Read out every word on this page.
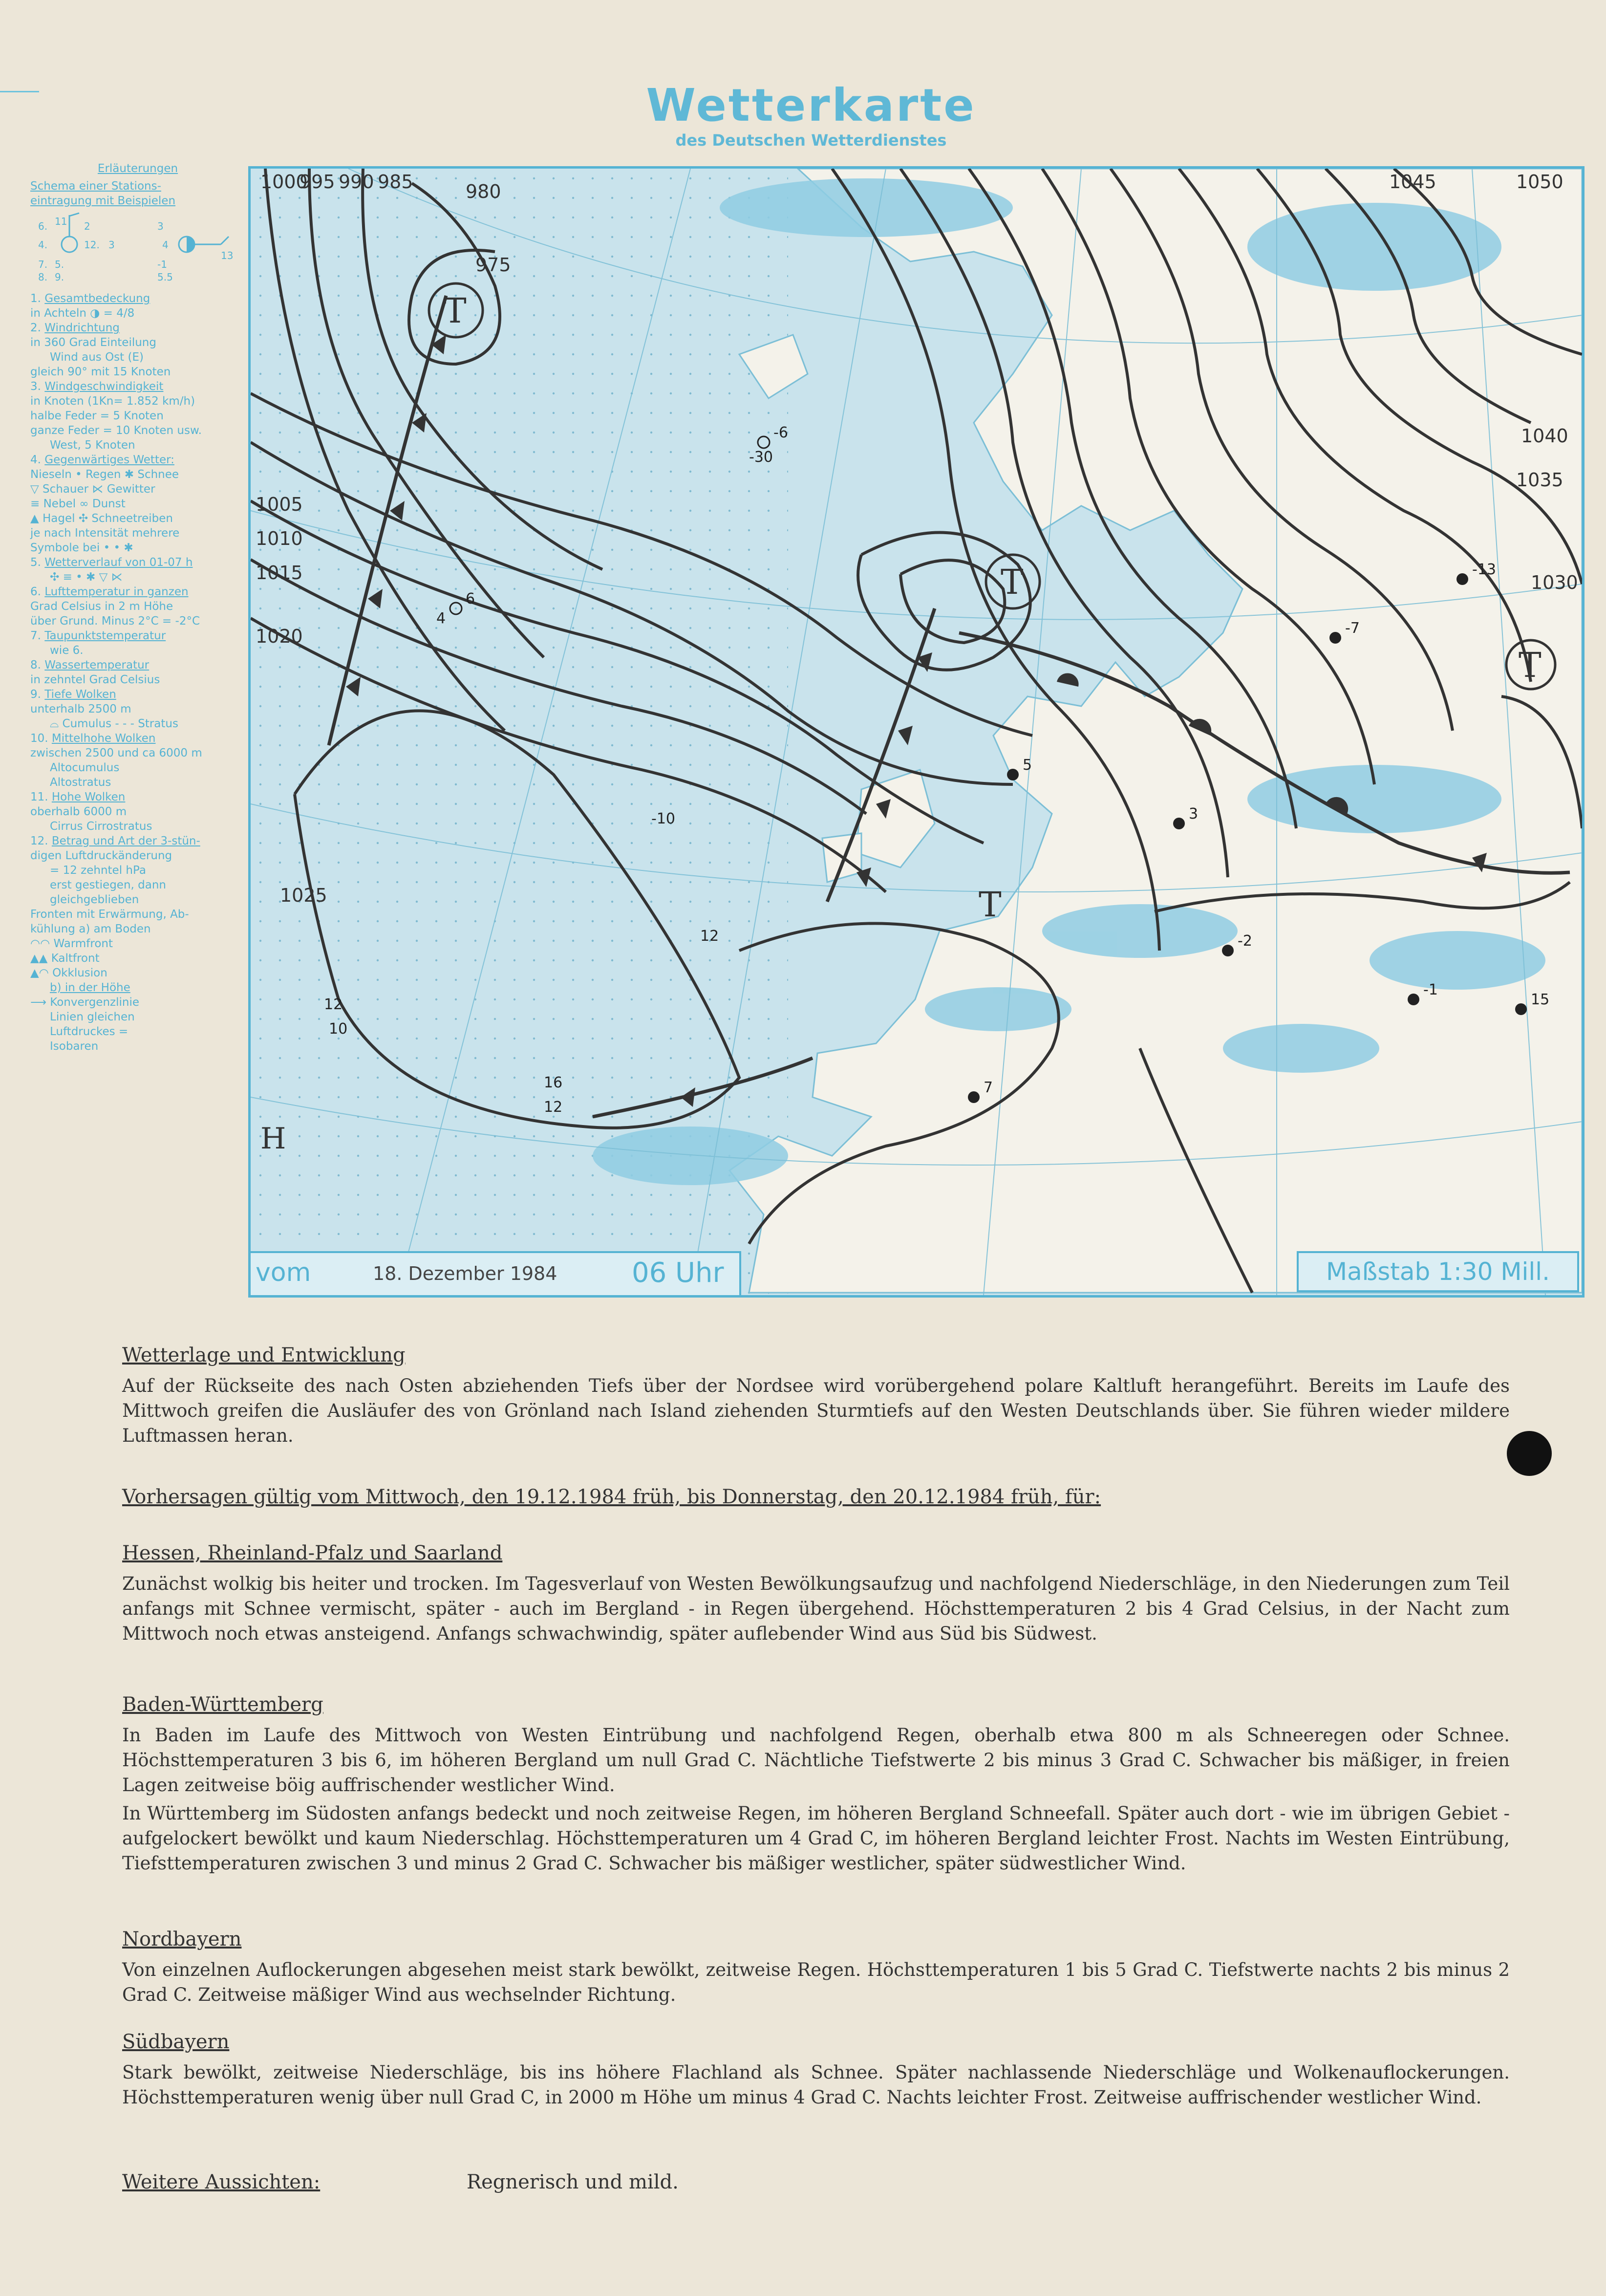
Wetterkarte
des Deutschen Wetterdienstes
Erläuterungen
Schema einer Stations-
eintragung mit Beispielen
6. 11 2
4.	12. 3
7. 5.
8. 9.
3
4
-1
5.5
13
1. Gesamtbedeckung
in Achteln ◑ = 4/8
2. Windrichtung
in 360 Grad Einteilung
Wind aus Ost (E)
gleich 90° mit 15 Knoten
3. Windgeschwindigkeit
in Knoten (1Kn= 1.852 km/h)
halbe Feder = 5 Knoten
ganze Feder = 10 Knoten usw.
West, 5 Knoten
4. Gegenwärtiges Wetter:
Nieseln • Regen ✱ Schnee
▽ Schauer ⋉ Gewitter
≡ Nebel ∞ Dunst
▲ Hagel ✣ Schneetreiben
je nach Intensität mehrere
Symbole bei • • ✱
5. Wetterverlauf von 01-07 h
✣ ≡ • ✱ ▽ ⋉
6. Lufttemperatur in ganzen
Grad Celsius in 2 m Höhe
über Grund. Minus 2°C = -2°C
7. Taupunktstemperatur
wie 6.
8. Wassertemperatur
in zehntel Grad Celsius
9. Tiefe Wolken
unterhalb 2500 m
⌓ Cumulus - - - Stratus
10. Mittelhohe Wolken
zwischen 2500 und ca 6000 m
Altocumulus
Altostratus
11. Hohe Wolken
oberhalb 6000 m
Cirrus Cirrostratus
12. Betrag und Art der 3-stün-
digen Luftdruckänderung
= 12 zehntel hPa
erst gestiegen, dann
gleichgeblieben
Fronten mit Erwärmung, Ab-
kühlung a) am Boden
◠◠ Warmfront
▲▲ Kaltfront
▲◠ Okklusion
b) in der Höhe
⟶ Konvergenzlinie
Linien gleichen
Luftdruckes =
Isobaren
6
4
-6
-30
5
3
-7
-13
-10
12
7
-1
15
-2
16
12
12
10
1000
995 990 985	980
975
1005
1010
1015
1020
1025
1030
1035
1040
1045	1050
T
T
T
T
H
vom	18. Dezember 1984	06 Uhr	Maßstab 1:30 Mill.
Wetterlage und Entwicklung
Auf der Rückseite des nach Osten abziehenden Tiefs über der Nordsee wird vorübergehend polare Kaltluft herangeführt. Bereits im Laufe des Mittwoch greifen die Ausläufer des von Grönland nach Island ziehenden Sturmtiefs auf den Westen Deutschlands über. Sie führen wieder mildere Luftmassen heran.
Vorhersagen gültig vom Mittwoch, den 19.12.1984 früh, bis Donnerstag, den 20.12.1984 früh, für:
Hessen, Rheinland-Pfalz und Saarland
Zunächst wolkig bis heiter und trocken. Im Tagesverlauf von Westen Bewölkungsaufzug und nachfolgend Niederschläge, in den Niederungen zum Teil anfangs mit Schnee vermischt, später - auch im Bergland - in Regen übergehend. Höchsttemperaturen 2 bis 4 Grad Celsius, in der Nacht zum Mittwoch noch etwas ansteigend. Anfangs schwachwindig, später auflebender Wind aus Süd bis Südwest.
Baden-Württemberg
In Baden im Laufe des Mittwoch von Westen Eintrübung und nachfolgend Regen, oberhalb etwa 800 m als Schneeregen oder Schnee. Höchsttemperaturen 3 bis 6, im höheren Bergland um null Grad C. Nächtliche Tiefstwerte 2 bis minus 3 Grad C. Schwacher bis mäßiger, in freien Lagen zeitweise böig auffrischender westlicher Wind.
In Württemberg im Südosten anfangs bedeckt und noch zeitweise Regen, im höheren Bergland Schneefall. Später auch dort - wie im übrigen Gebiet - aufgelockert bewölkt und kaum Niederschlag. Höchsttemperaturen um 4 Grad C, im höheren Bergland leichter Frost. Nachts im Westen Eintrübung, Tiefsttemperaturen zwischen 3 und minus 2 Grad C. Schwacher bis mäßiger westlicher, später südwestlicher Wind.
Nordbayern
Von einzelnen Auflockerungen abgesehen meist stark bewölkt, zeitweise Regen. Höchsttemperaturen 1 bis 5 Grad C. Tiefstwerte nachts 2 bis minus 2 Grad C. Zeitweise mäßiger Wind aus wechselnder Richtung.
Südbayern
Stark bewölkt, zeitweise Niederschläge, bis ins höhere Flachland als Schnee. Später nachlassende Niederschläge und Wolkenauflockerungen. Höchsttemperaturen wenig über null Grad C, in 2000 m Höhe um minus 4 Grad C. Nachts leichter Frost. Zeitweise auffrischender westlicher Wind.
Weitere Aussichten:	Regnerisch und mild.
